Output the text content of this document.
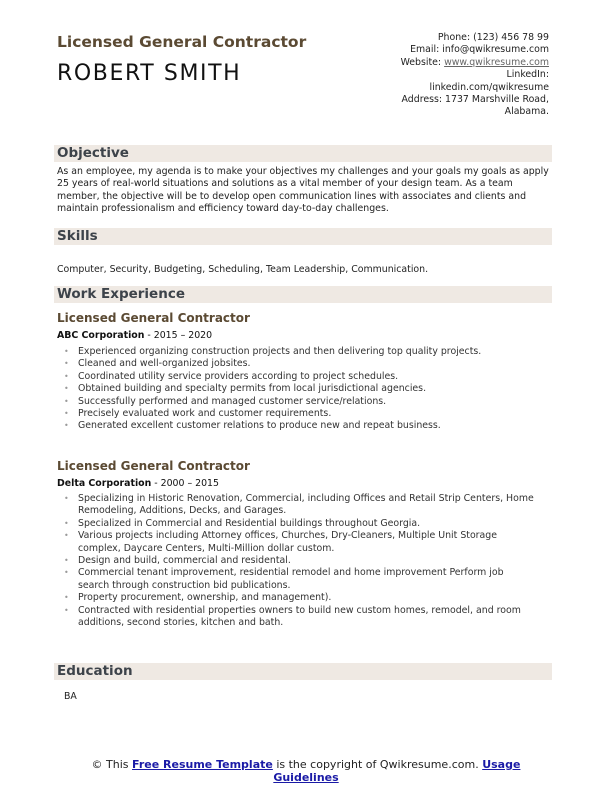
Licensed General Contractor
ROBERT SMITH
Phone: (123) 456 78 99
Email: info@qwikresume.com
Website: www.qwikresume.com
LinkedIn:
linkedin.com/qwikresume
Address: 1737 Marshville Road,
Alabama.
Objective
As an employee, my agenda is to make your objectives my challenges and your goals my goals as apply 25 years of real-world situations and solutions as a vital member of your design team. As a team member, the objective will be to develop open communication lines with associates and clients and maintain professionalism and efficiency toward day-to-day challenges.
Skills
Computer, Security, Budgeting, Scheduling, Team Leadership, Communication.
Work Experience
Licensed General Contractor
ABC Corporation - 2015 – 2020
• Experienced organizing construction projects and then delivering top quality projects.
• Cleaned and well-organized jobsites.
• Coordinated utility service providers according to project schedules.
• Obtained building and specialty permits from local jurisdictional agencies.
• Successfully performed and managed customer service/relations.
• Precisely evaluated work and customer requirements.
• Generated excellent customer relations to produce new and repeat business.
Licensed General Contractor
Delta Corporation - 2000 – 2015
• Specializing in Historic Renovation, Commercial, including Offices and Retail Strip Centers, Home Remodeling, Additions, Decks, and Garages.
• Specialized in Commercial and Residential buildings throughout Georgia.
• Various projects including Attorney offices, Churches, Dry-Cleaners, Multiple Unit Storage complex, Daycare Centers, Multi-Million dollar custom.
• Design and build, commercial and residental.
• Commercial tenant improvement, residential remodel and home improvement Perform job search through construction bid publications.
• Property procurement, ownership, and management).
• Contracted with residential properties owners to build new custom homes, remodel, and room additions, second stories, kitchen and bath.
Education
BA
© This Free Resume Template is the copyright of Qwikresume.com. Usage Guidelines
